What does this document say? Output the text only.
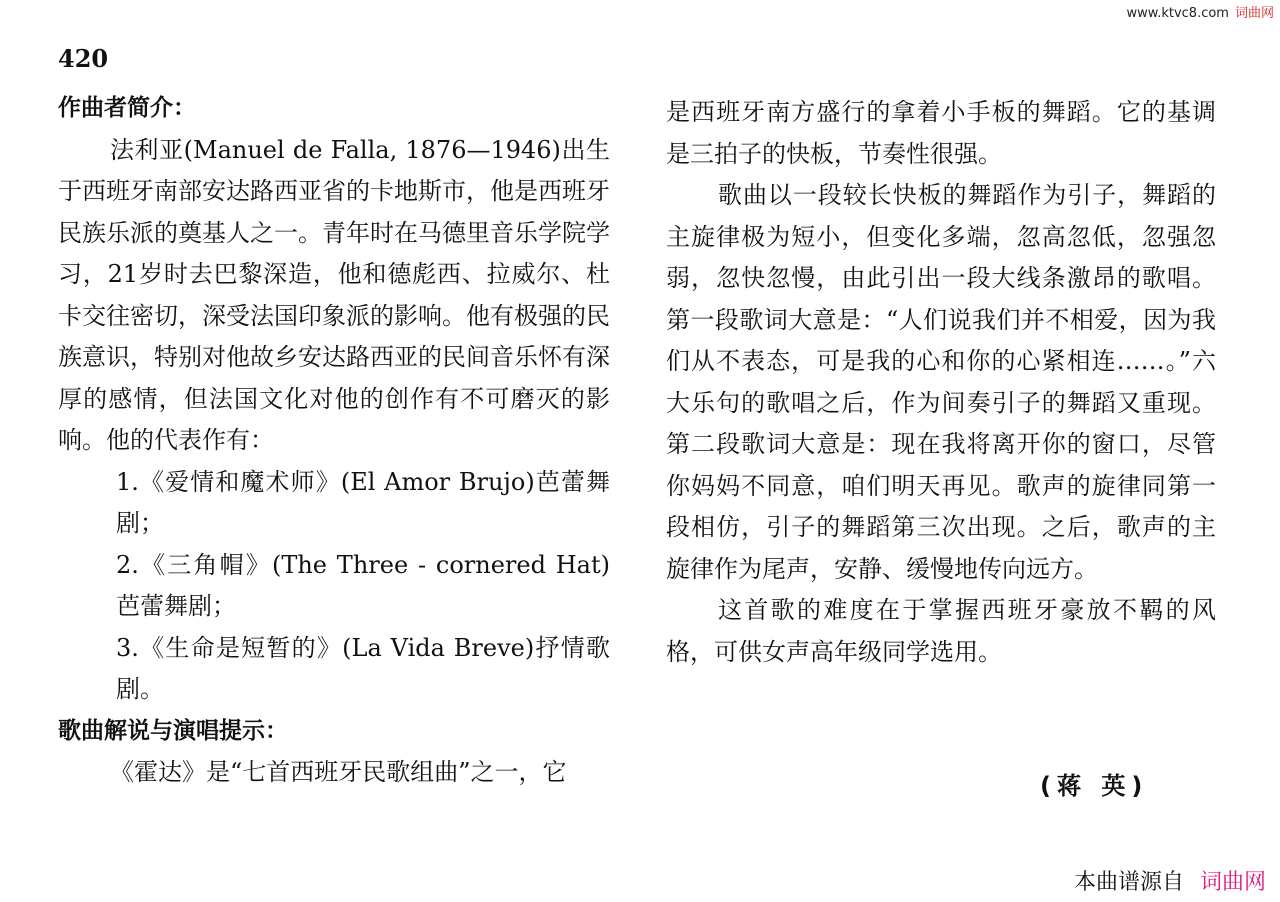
www.ktvc8.com 词曲网
420

作曲者简介：

法利亚(Manuel de Falla, 1876—1946)出生于西班牙南部安达路西亚省的卡地斯市，他是西班牙民族乐派的奠基人之一。青年时在马德里音乐学院学习，21岁时去巴黎深造，他和德彪西、拉威尔、杜卡交往密切，深受法国印象派的影响。他有极强的民族意识，特别对他故乡安达路西亚的民间音乐怀有深厚的感情，但法国文化对他的创作有不可磨灭的影响。他的代表作有：

1.《爱情和魔术师》(El Amor Brujo)芭蕾舞剧；

2.《三角帽》(The Three - cornered Hat)芭蕾舞剧；

3.《生命是短暂的》(La Vida Breve)抒情歌剧。

歌曲解说与演唱提示：

《霍达》是“七首西班牙民歌组曲”之一，它

是西班牙南方盛行的拿着小手板的舞蹈。它的基调是三拍子的快板，节奏性很强。

歌曲以一段较长快板的舞蹈作为引子，舞蹈的主旋律极为短小，但变化多端，忽高忽低，忽强忽弱，忽快忽慢，由此引出一段大线条激昂的歌唱。第一段歌词大意是：“人们说我们并不相爱，因为我们从不表态，可是我的心和你的心紧相连……。”六大乐句的歌唱之后，作为间奏引子的舞蹈又重现。第二段歌词大意是：现在我将离开你的窗口，尽管你妈妈不同意，咱们明天再见。歌声的旋律同第一段相仿，引子的舞蹈第三次出现。之后，歌声的主旋律作为尾声，安静、缓慢地传向远方。

这首歌的难度在于掌握西班牙豪放不羁的风格，可供女声高年级同学选用。

(蒋 英)
本曲谱源自 词曲网
